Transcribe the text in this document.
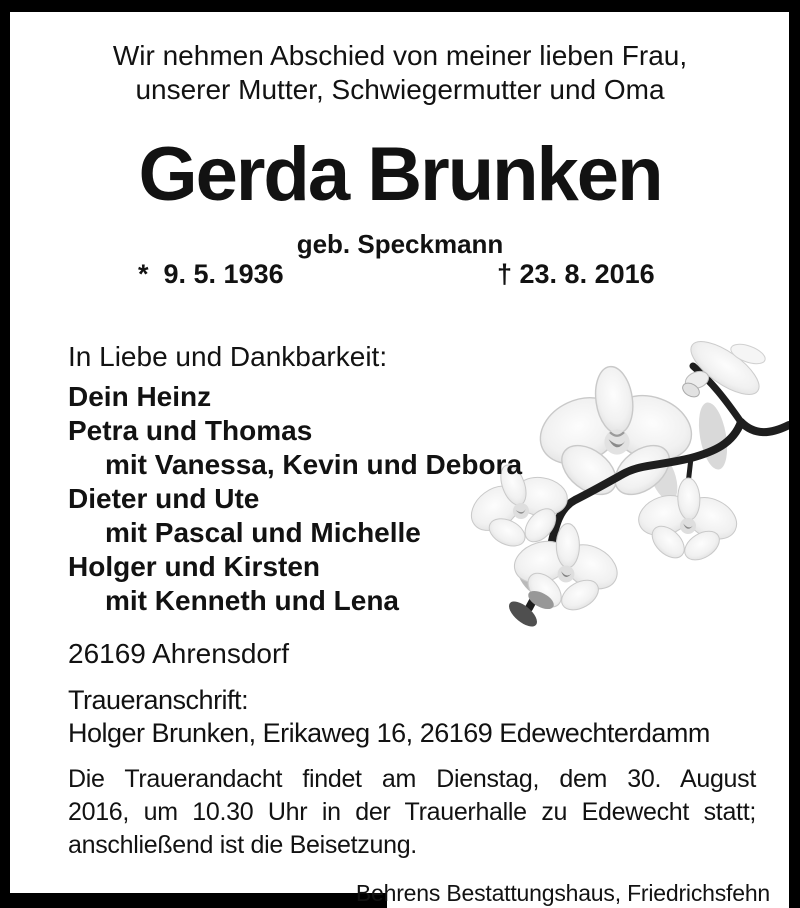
Wir nehmen Abschied von meiner lieben Frau,
unserer Mutter, Schwiegermutter und Oma
Gerda Brunken
geb. Speckmann
*  9. 5. 1936	† 23. 8. 2016
In Liebe und Dankbarkeit:
Dein Heinz
Petra und Thomas
mit Vanessa, Kevin und Debora
Dieter und Ute
mit Pascal und Michelle
Holger und Kirsten
mit Kenneth und Lena
26169 Ahrensdorf
Traueranschrift:
Holger Brunken, Erikaweg 16, 26169 Edewechterdamm
Die Trauerandacht findet am Dienstag, dem 30. August
2016, um 10.30 Uhr in der Trauerhalle zu Edewecht statt;
anschließend ist die Beisetzung.
Behrens Bestattungshaus, Friedrichsfehn
